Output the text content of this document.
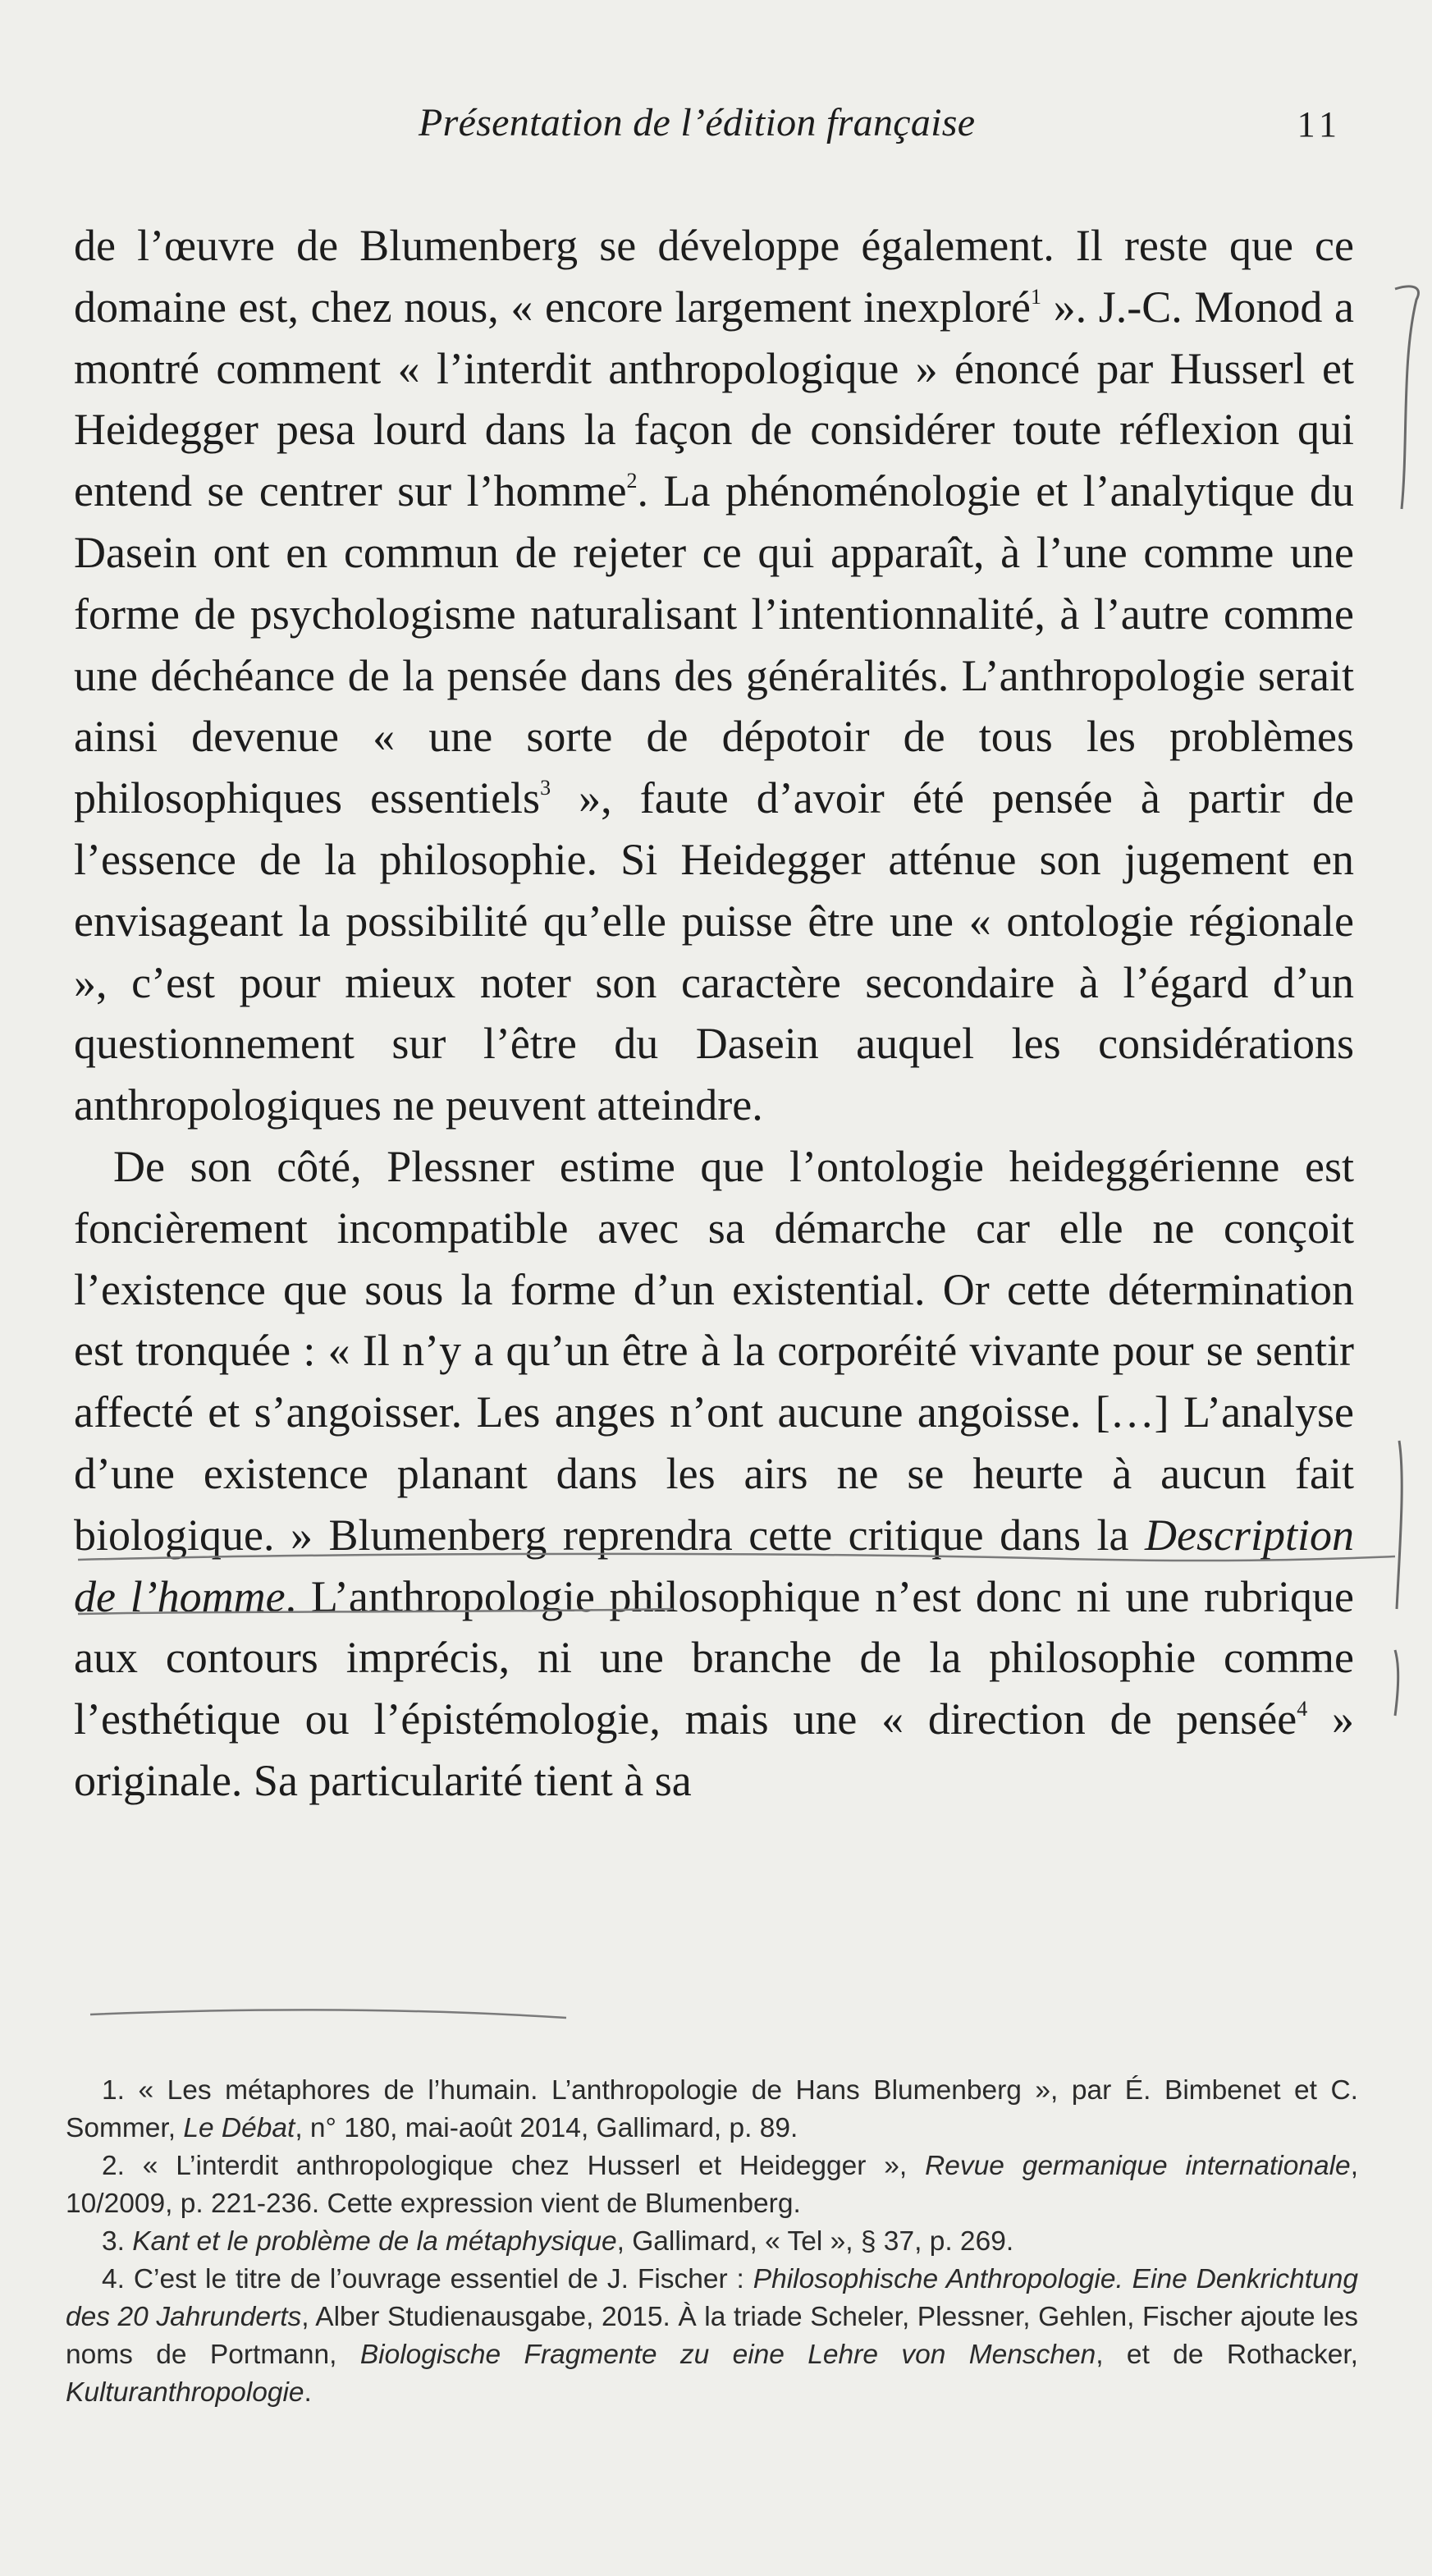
Présentation de l’édition française	11

de l’œuvre de Blumenberg se développe également. Il reste que ce domaine est, chez nous, « encore largement inexploré$^1$ ». J.-C. Monod a montré comment « l’interdit anthropologique » énoncé par Husserl et Heidegger pesa lourd dans la façon de considérer toute réflexion qui entend se centrer sur l’homme$^2$. La phénoménologie et l’analytique du Dasein ont en commun de rejeter ce qui apparaît, à l’une comme une forme de psychologisme naturalisant l’intentionnalité, à l’autre comme une déchéance de la pensée dans des généralités. L’anthropologie serait ainsi devenue « une sorte de dépotoir de tous les problèmes philosophiques essentiels$^3$ », faute d’avoir été pensée à partir de l’essence de la philosophie. Si Heidegger atténue son jugement en envisageant la possibilité qu’elle puisse être une « ontologie régionale », c’est pour mieux noter son caractère secondaire à l’égard d’un questionnement sur l’être du Dasein auquel les considérations anthropologiques ne peuvent atteindre.

De son côté, Plessner estime que l’ontologie heideggérienne est foncièrement incompatible avec sa démarche car elle ne conçoit l’existence que sous la forme d’un existential. Or cette détermination est tronquée : « Il n’y a qu’un être à la corporéité vivante pour se sentir affecté et s’angoisser. Les anges n’ont aucune angoisse. […] L’analyse d’une existence planant dans les airs ne se heurte à aucun fait biologique. » Blumenberg reprendra cette critique dans la Description de l’homme. L’anthropologie philosophique n’est donc ni une rubrique aux contours imprécis, ni une branche de la philosophie comme l’esthétique ou l’épistémologie, mais une « direction de pensée$^4$ » originale. Sa particularité tient à sa

1. « Les métaphores de l’humain. L’anthropologie de Hans Blumenberg », par É. Bimbenet et C. Sommer, Le Débat, n° 180, mai-août 2014, Gallimard, p. 89.

2. « L’interdit anthropologique chez Husserl et Heidegger », Revue germanique internationale, 10/2009, p. 221-236. Cette expression vient de Blumenberg.

3. Kant et le problème de la métaphysique, Gallimard, « Tel », § 37, p. 269.

4. C’est le titre de l’ouvrage essentiel de J. Fischer : Philosophische Anthropologie. Eine Denkrichtung des 20 Jahrunderts, Alber Studienausgabe, 2015. À la triade Scheler, Plessner, Gehlen, Fischer ajoute les noms de Portmann, Biologische Fragmente zu eine Lehre von Menschen, et de Rothacker, Kulturanthropologie.
